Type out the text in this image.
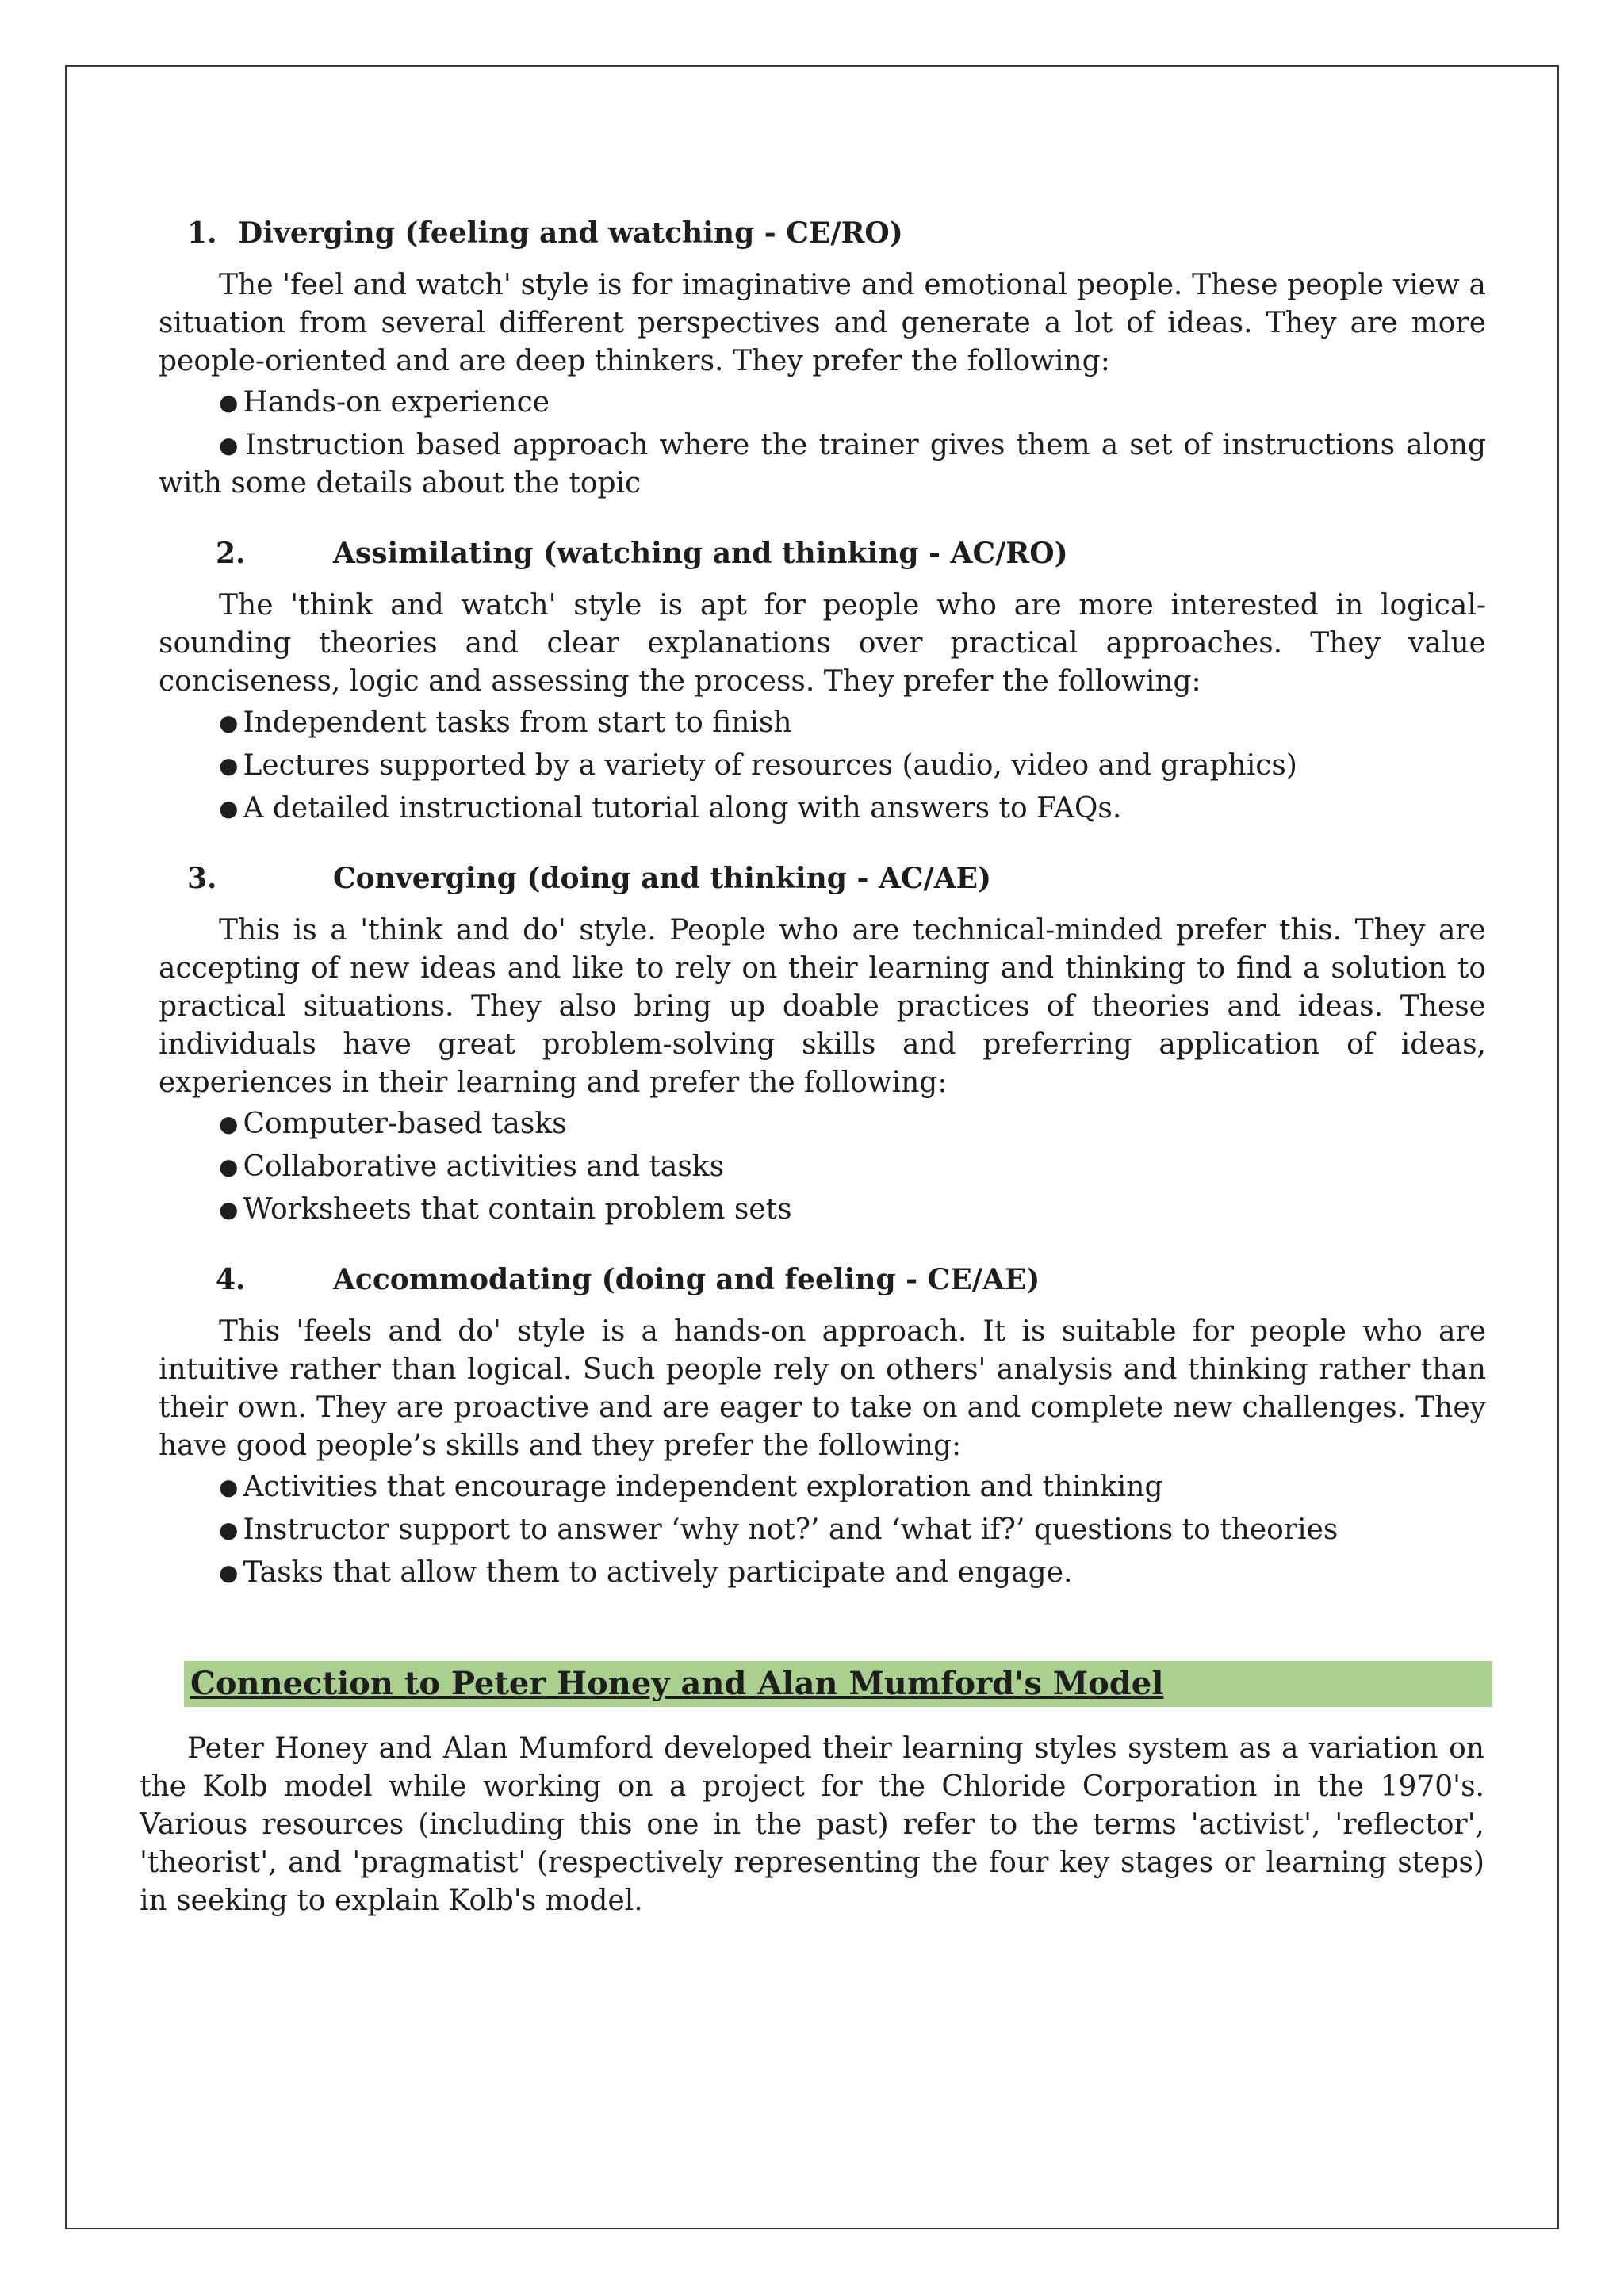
1. Diverging (feeling and watching - CE/RO)

The 'feel and watch' style is for imaginative and emotional people. These people view a situation from several different perspectives and generate a lot of ideas. They are more people-oriented and are deep thinkers. They prefer the following:

● Hands-on experience
● Instruction based approach where the trainer gives them a set of instructions along with some details about the topic
2.	Assimilating (watching and thinking - AC/RO)

The 'think and watch' style is apt for people who are more interested in logical-sounding theories and clear explanations over practical approaches. They value conciseness, logic and assessing the process. They prefer the following:

● Independent tasks from start to finish
● Lectures supported by a variety of resources (audio, video and graphics)
● A detailed instructional tutorial along with answers to FAQs.
3.	Converging (doing and thinking - AC/AE)

This is a 'think and do' style. People who are technical-minded prefer this. They are accepting of new ideas and like to rely on their learning and thinking to find a solution to practical situations. They also bring up doable practices of theories and ideas. These individuals have great problem-solving skills and preferring application of ideas, experiences in their learning and prefer the following:

● Computer-based tasks
● Collaborative activities and tasks
● Worksheets that contain problem sets
4.	Accommodating (doing and feeling - CE/AE)

This 'feels and do' style is a hands-on approach. It is suitable for people who are intuitive rather than logical. Such people rely on others' analysis and thinking rather than their own. They are proactive and are eager to take on and complete new challenges. They have good people’s skills and they prefer the following:

● Activities that encourage independent exploration and thinking
● Instructor support to answer ‘why not?’ and ‘what if?’ questions to theories
● Tasks that allow them to actively participate and engage.
Connection to Peter Honey and Alan Mumford's Model

Peter Honey and Alan Mumford developed their learning styles system as a variation on the Kolb model while working on a project for the Chloride Corporation in the 1970's. Various resources (including this one in the past) refer to the terms 'activist', 'reflector', 'theorist', and 'pragmatist' (respectively representing the four key stages or learning steps) in seeking to explain Kolb's model.
